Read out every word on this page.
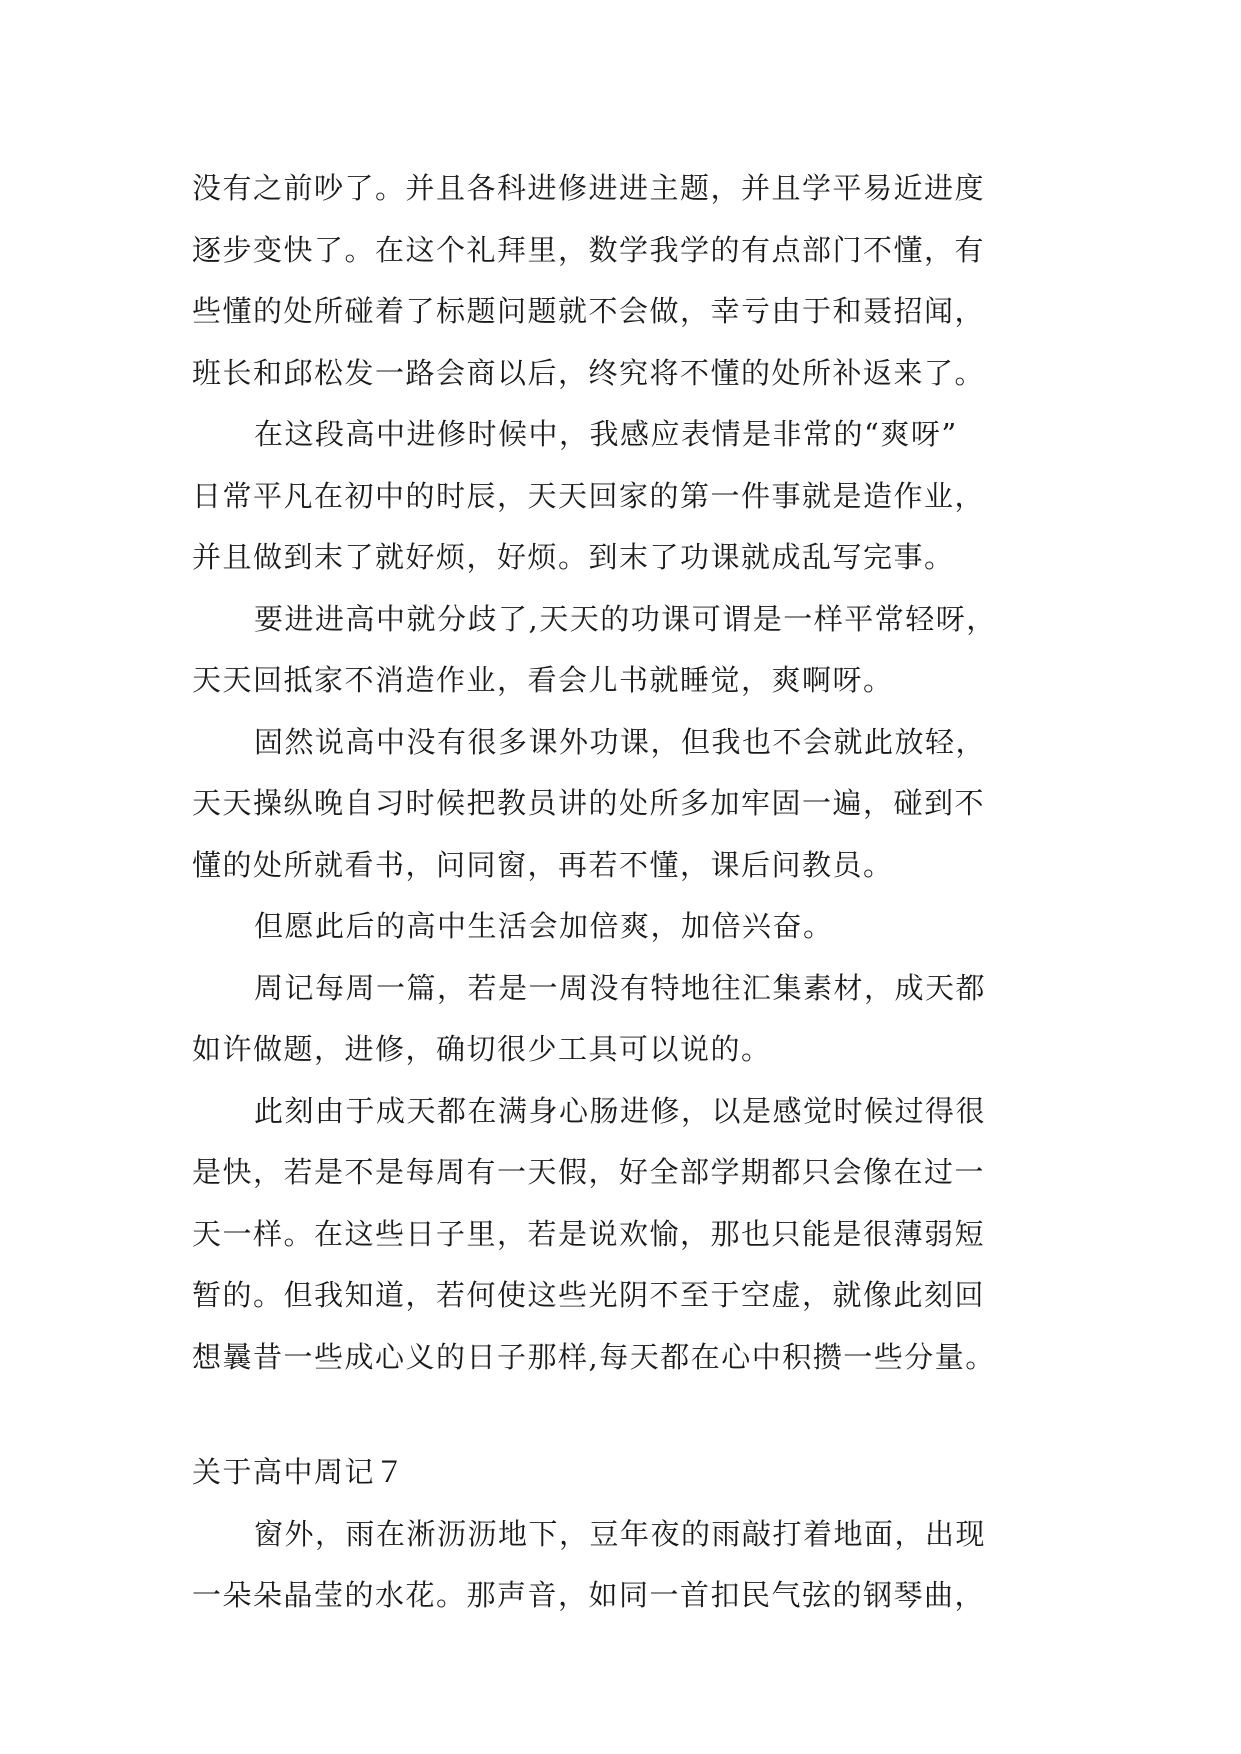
没有之前吵了。并且各科进修进进主题，并且学平易近进度
逐步变快了。在这个礼拜里，数学我学的有点部门不懂，有
些懂的处所碰着了标题问题就不会做，幸亏由于和聂招闻，
班长和邱松发一路会商以后，终究将不懂的处所补返来了。
在这段高中进修时候中，我感应表情是非常的“爽呀”
日常平凡在初中的时辰，天天回家的第一件事就是造作业，
并且做到末了就好烦，好烦。到末了功课就成乱写完事。
要进进高中就分歧了,天天的功课可谓是一样平常轻呀，
天天回抵家不消造作业，看会儿书就睡觉，爽啊呀。
固然说高中没有很多课外功课，但我也不会就此放轻，
天天操纵晚自习时候把教员讲的处所多加牢固一遍，碰到不
懂的处所就看书，问同窗，再若不懂，课后问教员。
但愿此后的高中生活会加倍爽，加倍兴奋。
周记每周一篇，若是一周没有特地往汇集素材，成天都
如许做题，进修，确切很少工具可以说的。
此刻由于成天都在满身心肠进修，以是感觉时候过得很
是快，若是不是每周有一天假，好全部学期都只会像在过一
天一样。在这些日子里，若是说欢愉，那也只能是很薄弱短
暂的。但我知道，若何使这些光阴不至于空虚，就像此刻回
想曩昔一些成心义的日子那样,每天都在心中积攒一些分量。
关于高中周记７
窗外，雨在淅沥沥地下，豆年夜的雨敲打着地面，出现
一朵朵晶莹的水花。那声音，如同一首扣民气弦的钢琴曲，
